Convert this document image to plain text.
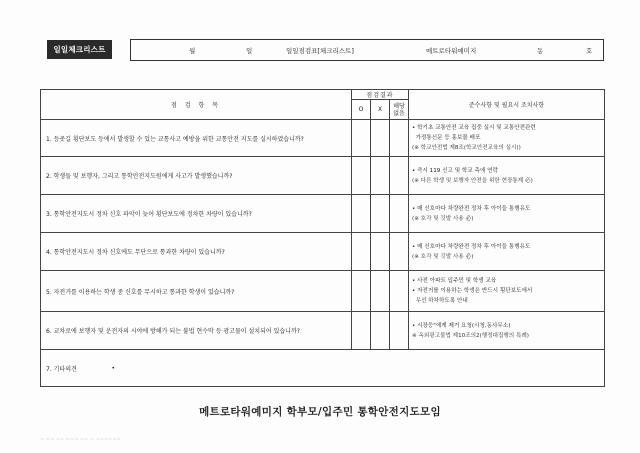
일일체크리스트	월	일	일일점검표[체크리스트]	메트로타워예미지	동	호
점 검 항 목	점검결과			준수사항 및 필요시 조치사항
	O	X	해당
없음	
1. 등굣길 횡단보도 등에서 발생할 수 있는 교통사고 예방을 위한 교통안전 지도를 실시하였습니까?				• 학기초 교통안전 교육 집중 실시 및 교통안전관련
가정통신문 등 홍보물 배포
(※ 학교안전법 제8조(학교안전교육의 실시))

2. 학생들 및 보행자, 그리고 통학안전지도원에게 사고가 발생했습니까?				• 즉시 119 신고 및 학교 측에 연락
(※ 다른 학생 및 보행자 안전을 위한 현장통제 必)

3. 통학안전지도시 정차 신호 파악이 늦어 횡단보도에 정차한 차량이 있습니까?				• 매 신호마다 차량완전 정차 후 아이들 통행유도
(※ 호각 및 깃발 사용 必)

4. 통학안전지도시 정차 신호에도 무단으로 통과한 차량이 있습니까?				• 매 신호마다 차량완전 정차 후 아이들 통행유도
(※ 호각 및 깃발 사용 必)

5. 자전거를 이용하는 학생 중 신호를 무시하고 통과한 학생이 있습니까?				• 사전 아파트 입주민 및 학생 교육
• 자전거를 이용하는 학생은 반드시 횡단보도에서
우선 하차하도록 안내

6. 교차로에 보행자 및 운전자의 시야에 방해가 되는 불법 현수막 등 광고물이 설치되어 있습니까?				• 시장등"에게 제거 요청(시청,동사무소)
※ 옥외광고물법 제10조의2(행정대집행의 특례)

7. 기타의견	•			
메트로타워예미지 학부모/입주민 통학안전지도모임
~ ~~ ~~ ~~~ ~~ ~ ~~~~~~
